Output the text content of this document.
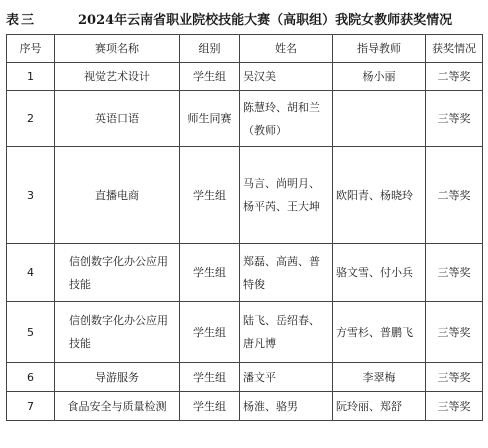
表三	2024年云南省职业院校技能大赛（高职组）我院女教师获奖情况
序号	赛项名称	组别	姓名	指导教师	获奖情况
1	视觉艺术设计	学生组	吴汉美	杨小丽	二等奖
2	英语口语	师生同赛	陈慧玲、胡和兰（教师）		三等奖
3	直播电商	学生组	马言、尚明月、杨平芮、王大坤	欧阳青、杨晓玲	二等奖
4	信创数字化办公应用技能	学生组	郑磊、高茜、普特俊	骆文雪、付小兵	三等奖
5	信创数字化办公应用技能	学生组	陆飞、岳绍春、唐凡博	方雪杉、普鹏飞	三等奖
6	导游服务	学生组	潘文平	李翠梅	三等奖
7	食品安全与质量检测	学生组	杨淮、骆男	阮玲丽、郑舒	三等奖
